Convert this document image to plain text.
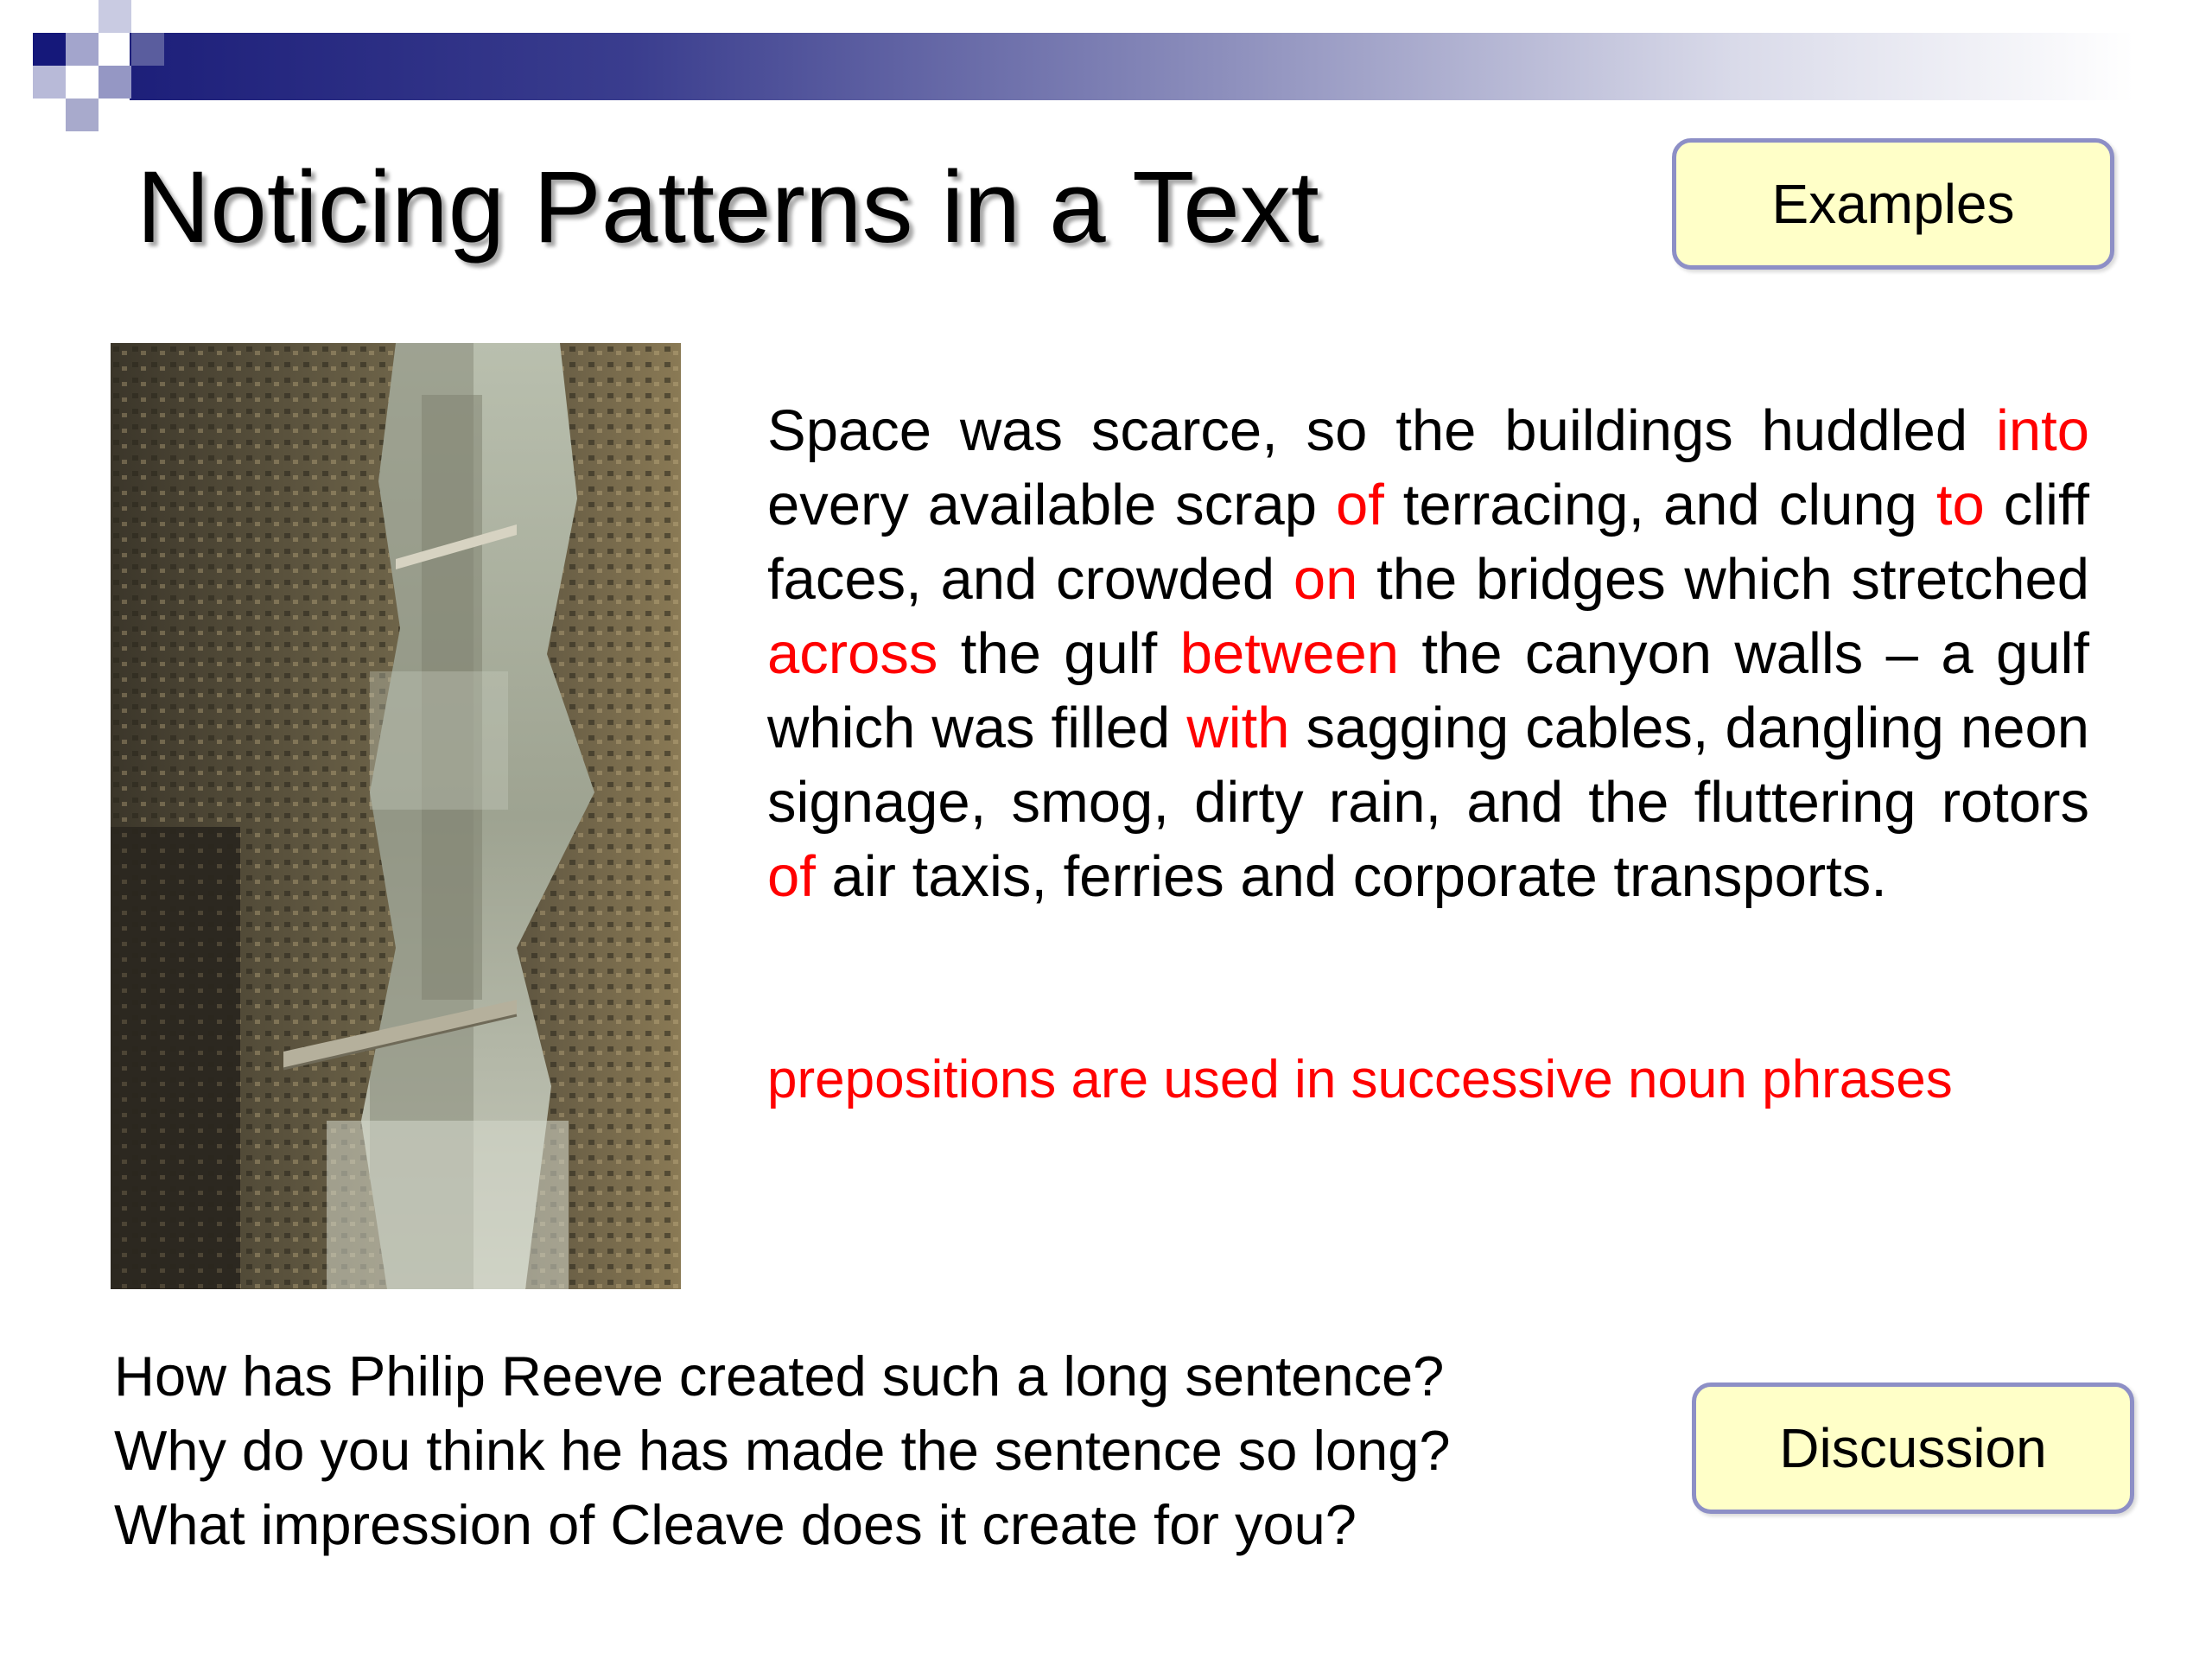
Noticing Patterns in a Text	Examples
Discussion

Space was scarce, so the buildings huddled into every available scrap of terracing, and clung to cliff faces, and crowded on the bridges which stretched across the gulf between the canyon walls – a gulf which was filled with sagging cables, dangling neon signage, smog, dirty rain, and the fluttering rotors of air taxis, ferries and corporate transports.

prepositions are used in successive noun phrases
How has Philip Reeve created such a long sentence?
Why do you think he has made the sentence so long?
What impression of Cleave does it create for you?
